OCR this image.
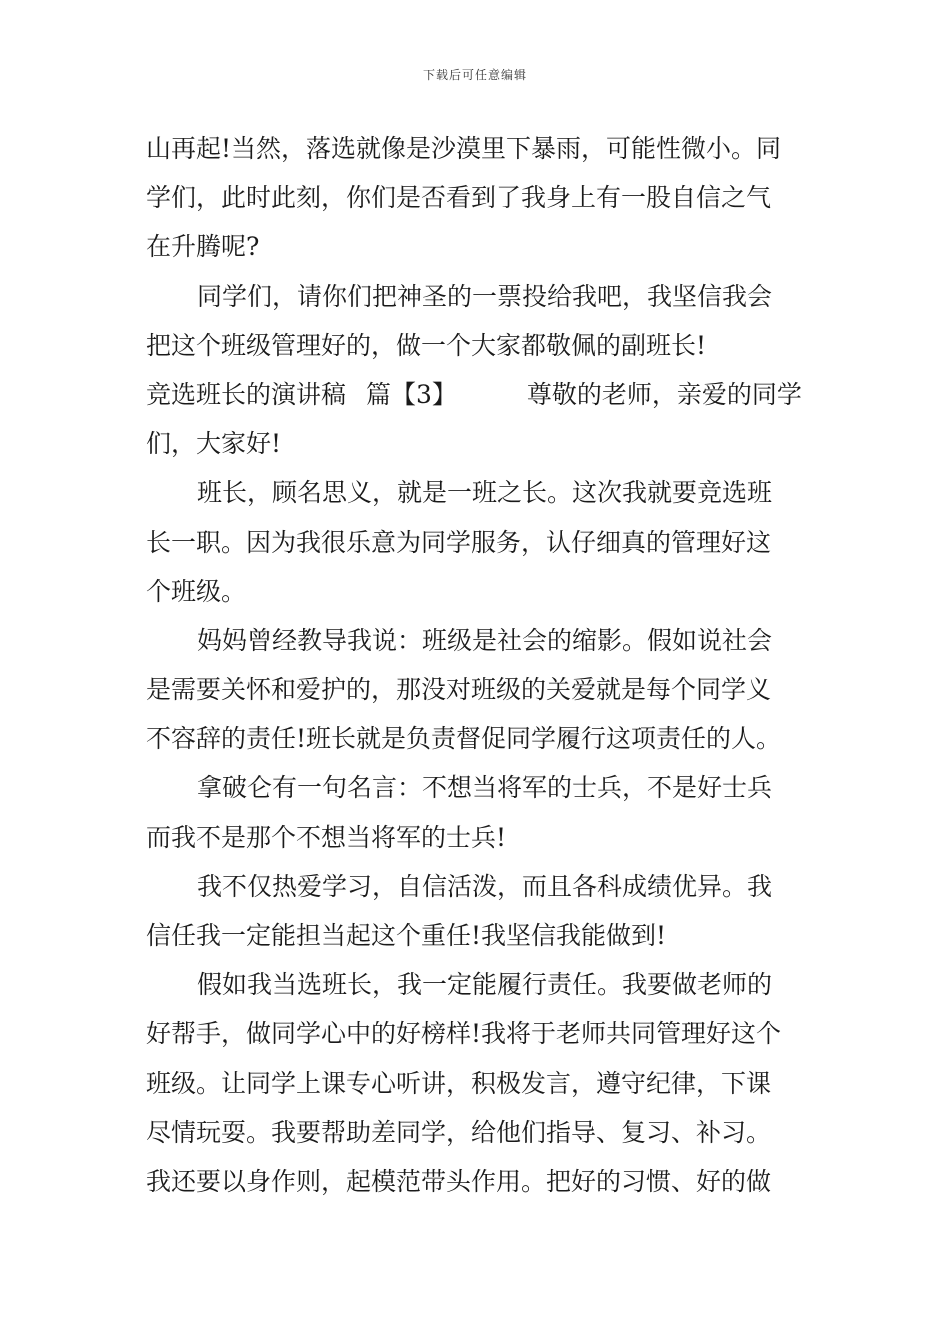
下载后可任意编辑
山再起!当然，落选就像是沙漠里下暴雨，可能性微小。同
学们，此时此刻，你们是否看到了我身上有一股自信之气
在升腾呢?
同学们，请你们把神圣的一票投给我吧，我坚信我会
把这个班级管理好的，做一个大家都敬佩的副班长!
竞选班长的演讲稿 篇【3】	尊敬的老师，亲爱的同学
们，大家好!
班长，顾名思义，就是一班之长。这次我就要竞选班
长一职。因为我很乐意为同学服务，认仔细真的管理好这
个班级。
妈妈曾经教导我说：班级是社会的缩影。假如说社会
是需要关怀和爱护的，那没对班级的关爱就是每个同学义
不容辞的责任!班长就是负责督促同学履行这项责任的人。
拿破仑有一句名言：不想当将军的士兵，不是好士兵
而我不是那个不想当将军的士兵!
我不仅热爱学习，自信活泼，而且各科成绩优异。我
信任我一定能担当起这个重任!我坚信我能做到!
假如我当选班长，我一定能履行责任。我要做老师的
好帮手，做同学心中的好榜样!我将于老师共同管理好这个
班级。让同学上课专心听讲，积极发言，遵守纪律，下课
尽情玩耍。我要帮助差同学，给他们指导、复习、补习。
我还要以身作则，起模范带头作用。把好的习惯、好的做
